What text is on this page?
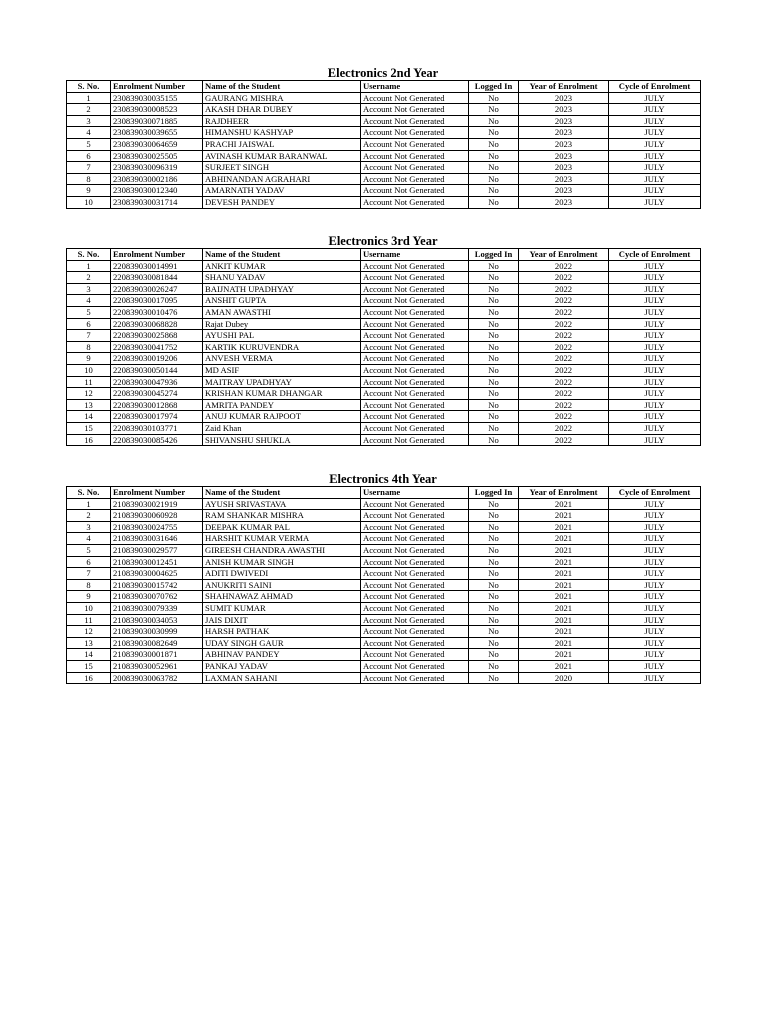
Electronics 2nd Year
S. No.	Enrolment Number	Name of the Student	Username	Logged In	Year of Enrolment	Cycle of Enrolment
1	230839030035155	GAURANG MISHRA	Account Not Generated	No	2023	JULY
2	230839030008523	AKASH DHAR DUBEY	Account Not Generated	No	2023	JULY
3	230839030071885	RAJDHEER	Account Not Generated	No	2023	JULY
4	230839030039655	HIMANSHU KASHYAP	Account Not Generated	No	2023	JULY
5	230839030064659	PRACHI JAISWAL	Account Not Generated	No	2023	JULY
6	230839030025505	AVINASH KUMAR BARANWAL	Account Not Generated	No	2023	JULY
7	230839030096319	SURJEET SINGH	Account Not Generated	No	2023	JULY
8	230839030002186	ABHINANDAN AGRAHARI	Account Not Generated	No	2023	JULY
9	230839030012340	AMARNATH YADAV	Account Not Generated	No	2023	JULY
10	230839030031714	DEVESH PANDEY	Account Not Generated	No	2023	JULY
Electronics 3rd Year
S. No.	Enrolment Number	Name of the Student	Username	Logged In	Year of Enrolment	Cycle of Enrolment
1	220839030014991	ANKIT KUMAR	Account Not Generated	No	2022	JULY
2	220839030081844	SHANU YADAV	Account Not Generated	No	2022	JULY
3	220839030026247	BAIJNATH UPADHYAY	Account Not Generated	No	2022	JULY
4	220839030017095	ANSHIT GUPTA	Account Not Generated	No	2022	JULY
5	220839030010476	AMAN AWASTHI	Account Not Generated	No	2022	JULY
6	220839030068828	Rajat Dubey	Account Not Generated	No	2022	JULY
7	220839030025868	AYUSHI PAL	Account Not Generated	No	2022	JULY
8	220839030041752	KARTIK KURUVENDRA	Account Not Generated	No	2022	JULY
9	220839030019206	ANVESH VERMA	Account Not Generated	No	2022	JULY
10	220839030050144	MD ASIF	Account Not Generated	No	2022	JULY
11	220839030047936	MAITRAY UPADHYAY	Account Not Generated	No	2022	JULY
12	220839030045274	KRISHAN KUMAR DHANGAR	Account Not Generated	No	2022	JULY
13	220839030012868	AMRITA PANDEY	Account Not Generated	No	2022	JULY
14	220839030017974	ANUJ KUMAR RAJPOOT	Account Not Generated	No	2022	JULY
15	220839030103771	Zaid Khan	Account Not Generated	No	2022	JULY
16	220839030085426	SHIVANSHU SHUKLA	Account Not Generated	No	2022	JULY
Electronics 4th Year
S. No.	Enrolment Number	Name of the Student	Username	Logged In	Year of Enrolment	Cycle of Enrolment
1	210839030021919	AYUSH SRIVASTAVA	Account Not Generated	No	2021	JULY
2	210839030060928	RAM SHANKAR MISHRA	Account Not Generated	No	2021	JULY
3	210839030024755	DEEPAK KUMAR PAL	Account Not Generated	No	2021	JULY
4	210839030031646	HARSHIT KUMAR VERMA	Account Not Generated	No	2021	JULY
5	210839030029577	GIREESH CHANDRA AWASTHI	Account Not Generated	No	2021	JULY
6	210839030012451	ANISH KUMAR SINGH	Account Not Generated	No	2021	JULY
7	210839030004625	ADITI DWIVEDI	Account Not Generated	No	2021	JULY
8	210839030015742	ANUKRITI SAINI	Account Not Generated	No	2021	JULY
9	210839030070762	SHAHNAWAZ AHMAD	Account Not Generated	No	2021	JULY
10	210839030079339	SUMIT KUMAR	Account Not Generated	No	2021	JULY
11	210839030034053	JAIS DIXIT	Account Not Generated	No	2021	JULY
12	210839030030999	HARSH PATHAK	Account Not Generated	No	2021	JULY
13	210839030082649	UDAY SINGH GAUR	Account Not Generated	No	2021	JULY
14	210839030001871	ABHINAV PANDEY	Account Not Generated	No	2021	JULY
15	210839030052961	PANKAJ YADAV	Account Not Generated	No	2021	JULY
16	200839030063782	LAXMAN SAHANI	Account Not Generated	No	2020	JULY
